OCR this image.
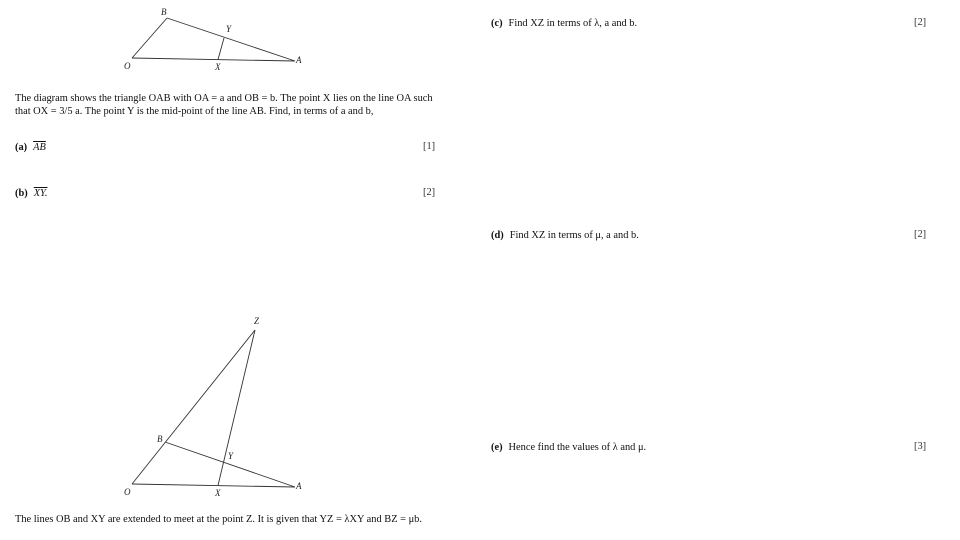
B
Y
O	X
A
The diagram shows the triangle OAB with OA = a and OB = b. The point X lies on the line OA such
that OX = 3/5 a. The point Y is the mid-point of the line AB. Find, in terms of a and b,
(a) $\overline{AB}$	[1]
(b) XY.	[2]
Z
B
Y
O	X
A
The lines OB and XY are extended to meet at the point Z. It is given that YZ = λXY and BZ = μb.
(c) Find XZ in terms of λ, a and b.	[2]
(d) Find XZ in terms of μ, a and b.	[2]
(e) Hence find the values of λ and μ.	[3]
